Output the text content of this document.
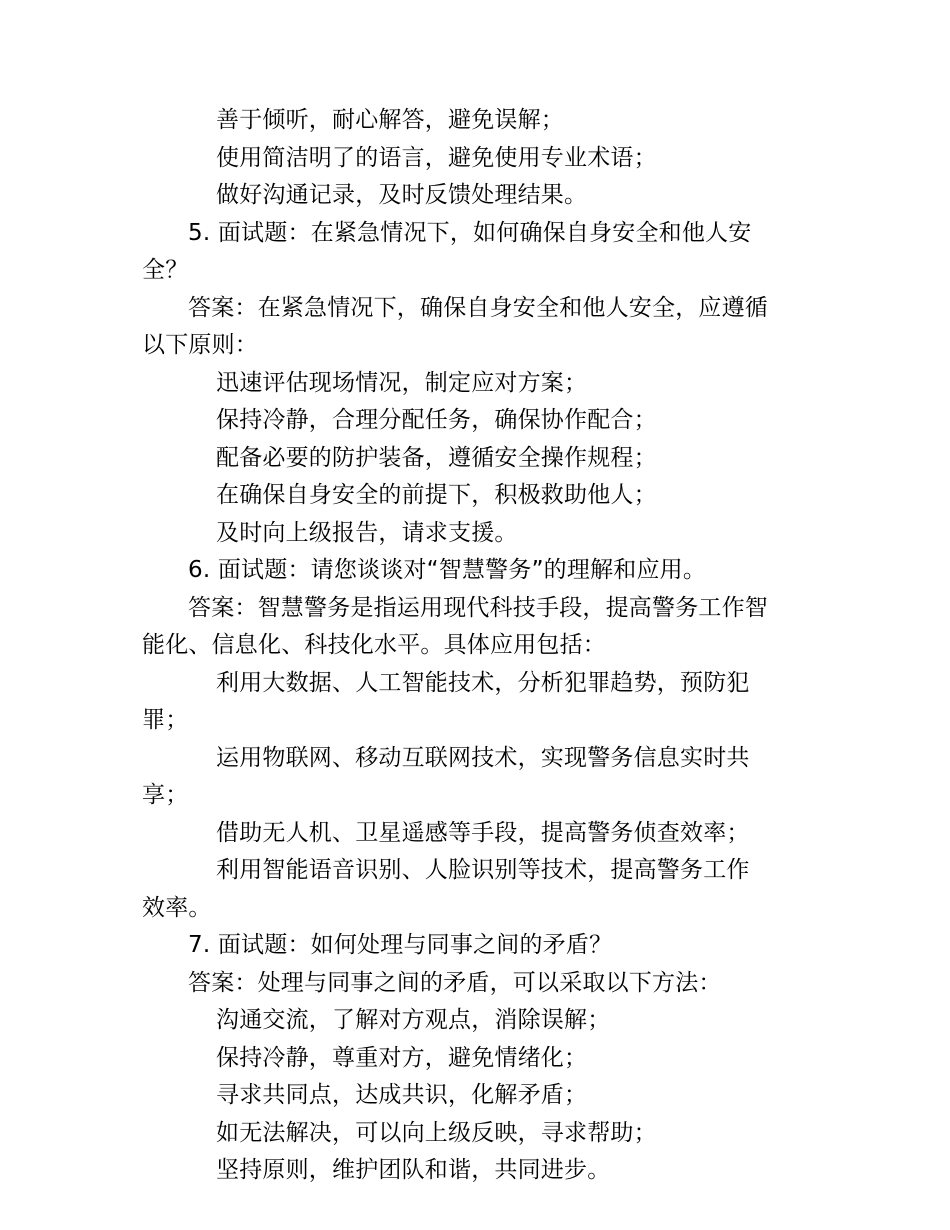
善于倾听，耐心解答，避免误解；
使用简洁明了的语言，避免使用专业术语；
做好沟通记录，及时反馈处理结果。
5. 面试题：在紧急情况下，如何确保自身安全和他人安
全？
答案：在紧急情况下，确保自身安全和他人安全，应遵循
以下原则：
迅速评估现场情况，制定应对方案；
保持冷静，合理分配任务，确保协作配合；
配备必要的防护装备，遵循安全操作规程；
在确保自身安全的前提下，积极救助他人；
及时向上级报告，请求支援。
6. 面试题：请您谈谈对“智慧警务”的理解和应用。
答案：智慧警务是指运用现代科技手段，提高警务工作智
能化、信息化、科技化水平。具体应用包括：
利用大数据、人工智能技术，分析犯罪趋势，预防犯
罪；
运用物联网、移动互联网技术，实现警务信息实时共
享；
借助无人机、卫星遥感等手段，提高警务侦查效率；
利用智能语音识别、人脸识别等技术，提高警务工作
效率。
7. 面试题：如何处理与同事之间的矛盾？
答案：处理与同事之间的矛盾，可以采取以下方法：
沟通交流，了解对方观点，消除误解；
保持冷静，尊重对方，避免情绪化；
寻求共同点，达成共识，化解矛盾；
如无法解决，可以向上级反映，寻求帮助；
坚持原则，维护团队和谐，共同进步。
